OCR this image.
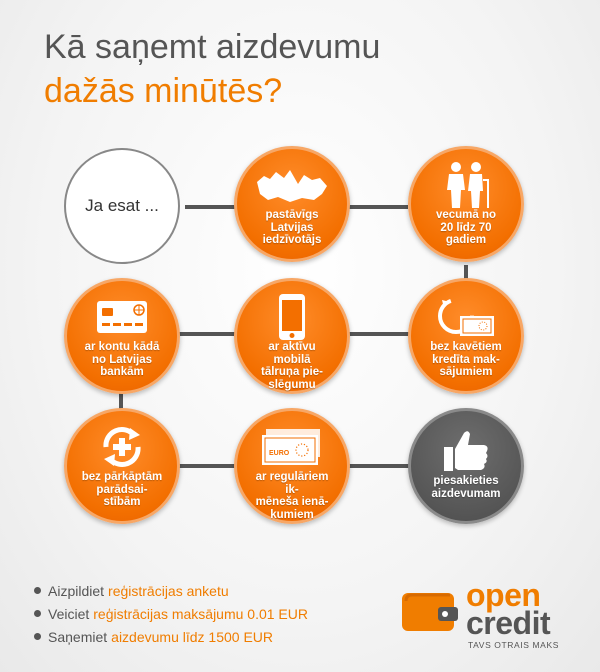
Kā saņemt aizdevumu
dažās minūtēs?
Ja esat ...
pastāvīgs
Latvijas
iedzīvotājs
vecumā no
20 līdz 70
gadiem
ar kontu kādā
no Latvijas
bankām
ar aktīvu mobilā
tālruņa pie-
slēgumu
bez kavētiem
kredīta mak-
sājumiem
bez pārkāptām
parādsai-
stībām
EURO
ar regulāriem ik-
mēneša ienā-
kumiem
piesakieties
aizdevumam
Aizpildiet reģistrācijas anketu
Veiciet reģistrācijas maksājumu 0.01 EUR
Saņemiet aizdevumu līdz 1500 EUR
open
credit
TAVS OTRAIS MAKS
